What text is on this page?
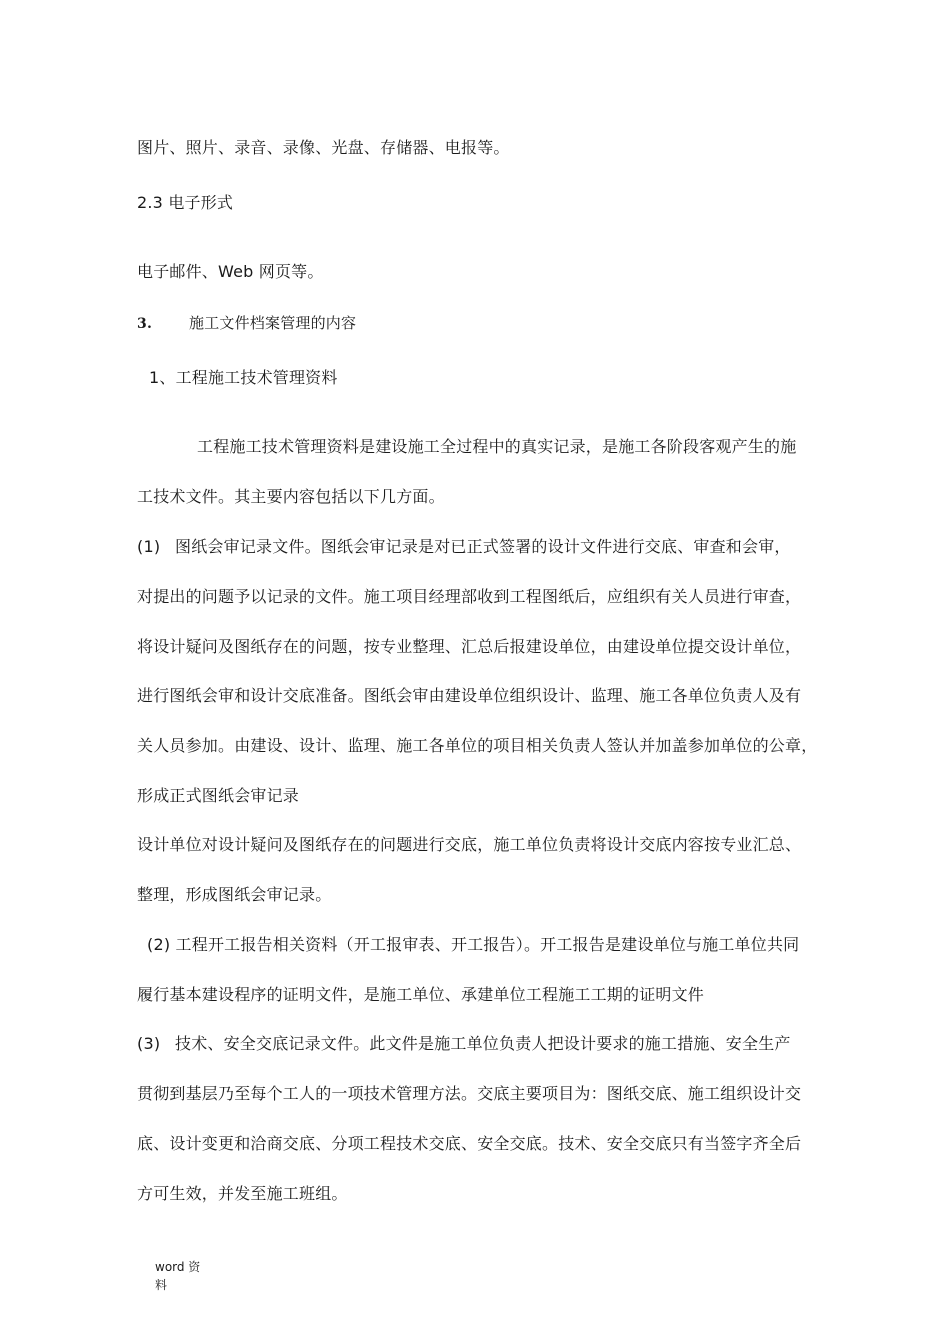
图片、照片、录音、录像、光盘、存储器、电报等。
2.3 电子形式
电子邮件、Web 网页等。
3. 施工文件档案管理的内容
1、工程施工技术管理资料
工程施工技术管理资料是建设施工全过程中的真实记录，是施工各阶段客观产生的施
工技术文件。其主要内容包括以下几方面。
(1) 图纸会审记录文件。图纸会审记录是对已正式签署的设计文件进行交底、审查和会审，
对提出的问题予以记录的文件。施工项目经理部收到工程图纸后，应组织有关人员进行审查，
将设计疑问及图纸存在的问题，按专业整理、汇总后报建设单位，由建设单位提交设计单位，
进行图纸会审和设计交底准备。图纸会审由建设单位组织设计、监理、施工各单位负责人及有
关人员参加。由建设、设计、监理、施工各单位的项目相关负责人签认并加盖参加单位的公章，
形成正式图纸会审记录
设计单位对设计疑问及图纸存在的问题进行交底，施工单位负责将设计交底内容按专业汇总、
整理，形成图纸会审记录。
(2) 工程开工报告相关资料（开工报审表、开工报告）。开工报告是建设单位与施工单位共同
履行基本建设程序的证明文件，是施工单位、承建单位工程施工工期的证明文件
(3) 技术、安全交底记录文件。此文件是施工单位负责人把设计要求的施工措施、安全生产
贯彻到基层乃至每个工人的一项技术管理方法。交底主要项目为：图纸交底、施工组织设计交
底、设计变更和洽商交底、分项工程技术交底、安全交底。技术、安全交底只有当签字齐全后
方可生效，并发至施工班组。
word 资料
